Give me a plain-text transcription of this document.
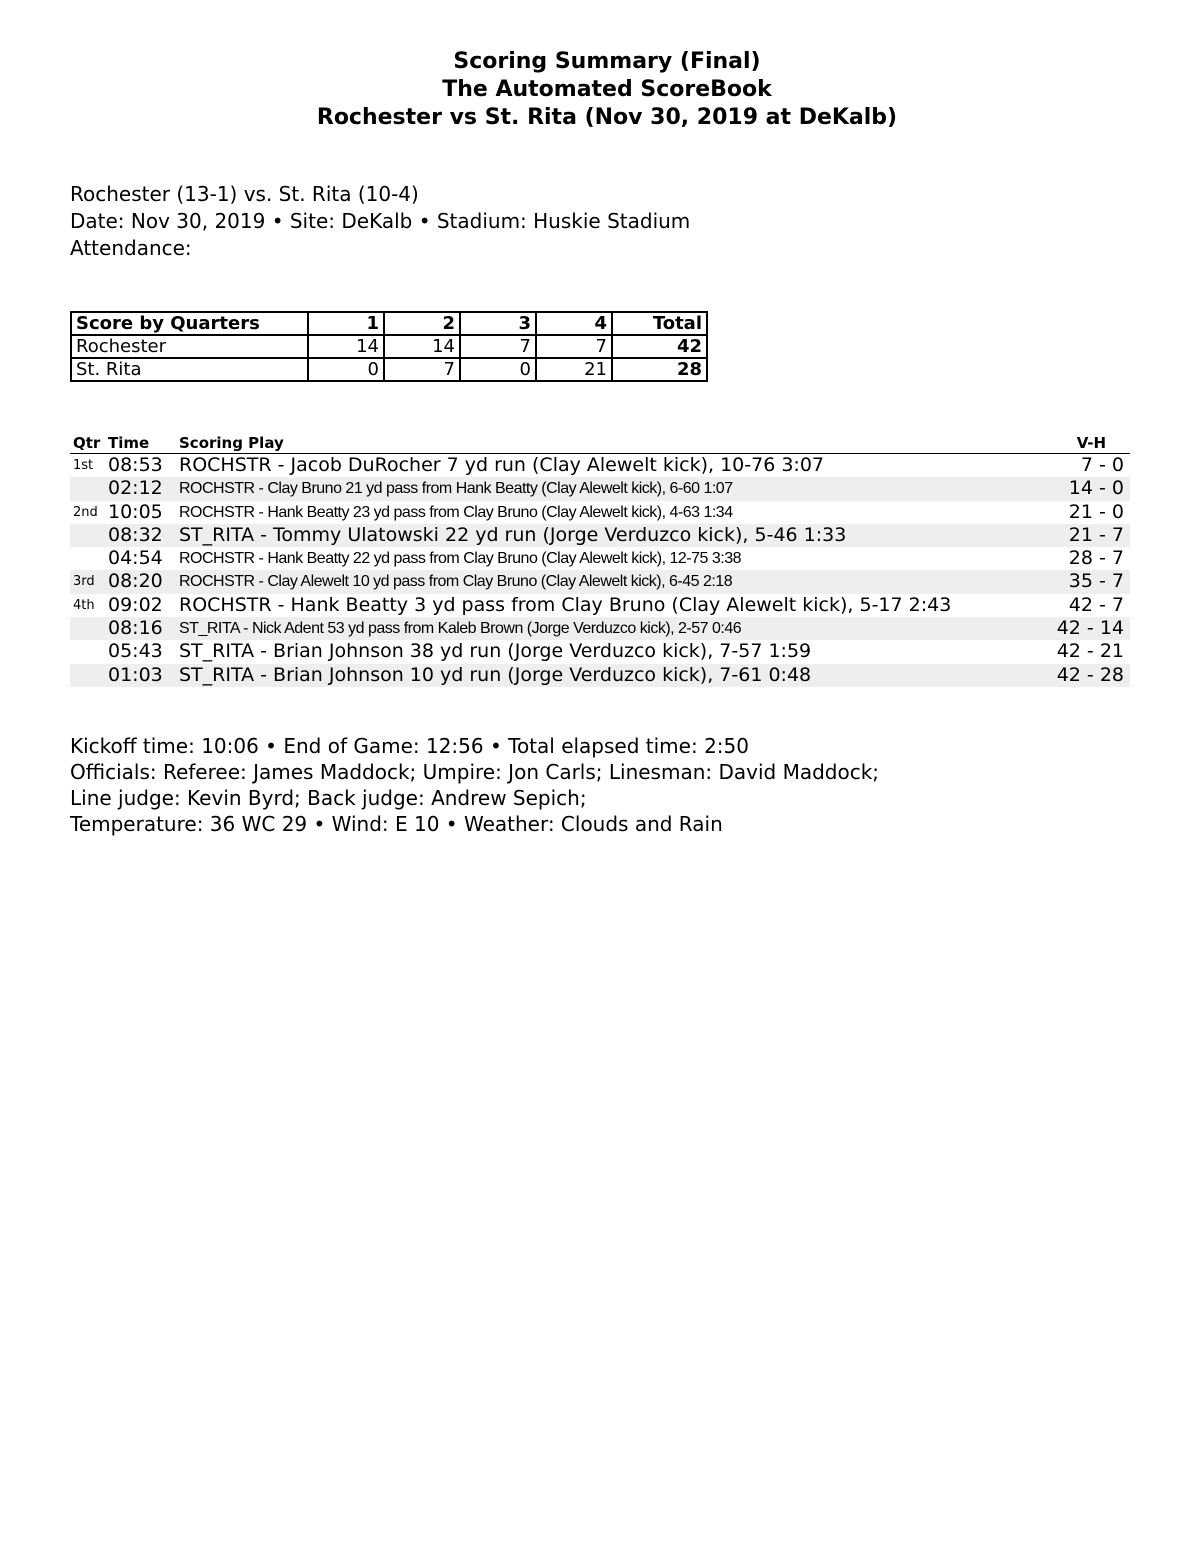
Scoring Summary (Final)
The Automated ScoreBook
Rochester vs St. Rita (Nov 30, 2019 at DeKalb)
Rochester (13-1) vs. St. Rita (10-4)
Date: Nov 30, 2019 • Site: DeKalb • Stadium: Huskie Stadium
Attendance:
Score by Quarters	1	2	3	4	Total
Rochester	14	14	7	7	42
St. Rita	0	7	0	21	28
Qtr Time Scoring Play	V-H
1st 08:53 ROCHSTR - Jacob DuRocher 7 yd run (Clay Alewelt kick), 10-76 3:07	7 - 0
02:12 ROCHSTR - Clay Bruno 21 yd pass from Hank Beatty (Clay Alewelt kick), 6-60 1:07	14 - 0
2nd 10:05 ROCHSTR - Hank Beatty 23 yd pass from Clay Bruno (Clay Alewelt kick), 4-63 1:34	21 - 0
08:32 ST_RITA - Tommy Ulatowski 22 yd run (Jorge Verduzco kick), 5-46 1:33	21 - 7
04:54 ROCHSTR - Hank Beatty 22 yd pass from Clay Bruno (Clay Alewelt kick), 12-75 3:38	28 - 7
3rd 08:20 ROCHSTR - Clay Alewelt 10 yd pass from Clay Bruno (Clay Alewelt kick), 6-45 2:18	35 - 7
4th 09:02 ROCHSTR - Hank Beatty 3 yd pass from Clay Bruno (Clay Alewelt kick), 5-17 2:43	42 - 7
08:16 ST_RITA - Nick Adent 53 yd pass from Kaleb Brown (Jorge Verduzco kick), 2-57 0:46	42 - 14
05:43 ST_RITA - Brian Johnson 38 yd run (Jorge Verduzco kick), 7-57 1:59	42 - 21
01:03 ST_RITA - Brian Johnson 10 yd run (Jorge Verduzco kick), 7-61 0:48	42 - 28
Kickoff time: 10:06 • End of Game: 12:56 • Total elapsed time: 2:50
Officials: Referee: James Maddock; Umpire: Jon Carls; Linesman: David Maddock;
Line judge: Kevin Byrd; Back judge: Andrew Sepich;
Temperature: 36 WC 29 • Wind: E 10 • Weather: Clouds and Rain
